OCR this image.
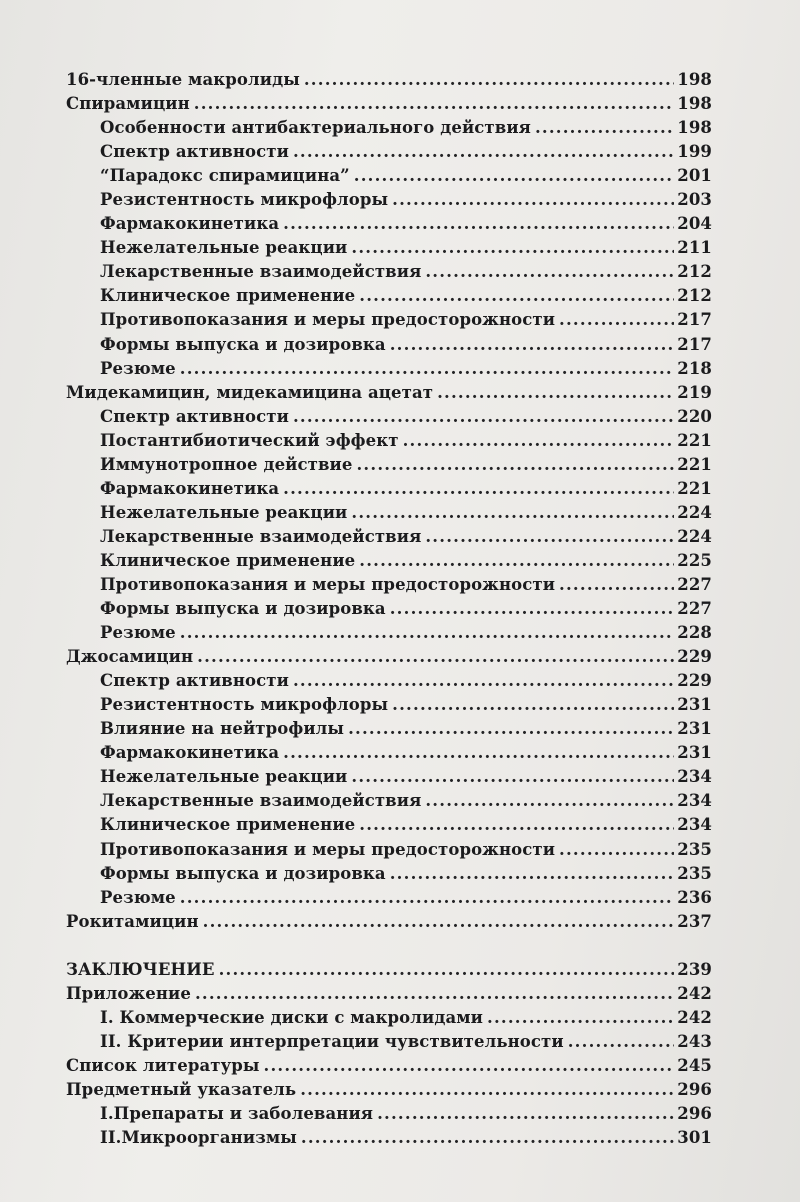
16-членные макролиды .....	198
Спирамицин .....	198
Особенности антибактериального действия .....	198
Спектр активности .....	199
“Парадокс спирамицина” .....	201
Резистентность микрофлоры .....	203
Фармакокинетика .....	204
Нежелательные реакции .....	211
Лекарственные взаимодействия .....	212
Клиническое применение .....	212
Противопоказания и меры предосторожности .....	217
Формы выпуска и дозировка .....	217
Резюме .....	218
Мидекамицин, мидекамицина ацетат .....	219
Спектр активности .....	220
Постантибиотический эффект .....	221
Иммунотропное действие .....	221
Фармакокинетика .....	221
Нежелательные реакции .....	224
Лекарственные взаимодействия .....	224
Клиническое применение .....	225
Противопоказания и меры предосторожности .....	227
Формы выпуска и дозировка .....	227
Резюме .....	228
Джосамицин .....	229
Спектр активности .....	229
Резистентность микрофлоры .....	231
Влияние на нейтрофилы .....	231
Фармакокинетика .....	231
Нежелательные реакции .....	234
Лекарственные взаимодействия .....	234
Клиническое применение .....	234
Противопоказания и меры предосторожности .....	235
Формы выпуска и дозировка .....	235
Резюме .....	236
Рокитамицин .....	237
ЗАКЛЮЧЕНИЕ .....	239
Приложение .....	242
I. Коммерческие диски с макролидами .....	242
II. Критерии интерпретации чувствительности .....	243
Список литературы .....	245
Предметный указатель .....	296
I.Препараты и заболевания .....	296
II.Микроорганизмы .....	301
